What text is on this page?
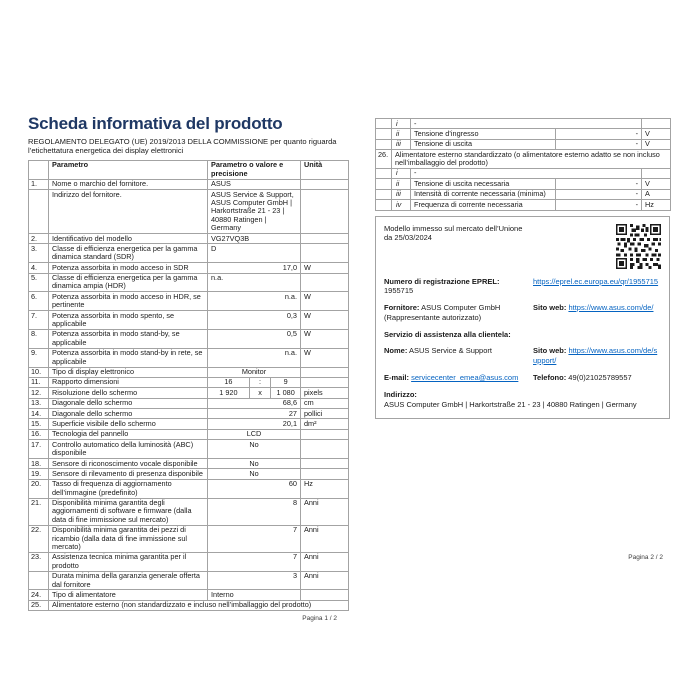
Scheda informativa del prodotto
REGOLAMENTO DELEGATO (UE) 2019/2013 DELLA COMMISSIONE per quanto riguarda l’etichettatura energetica dei display elettronici
	Parametro	Parametro o valore e precisione	Unità
1.	Nome o marchio del fornitore.	ASUS	
	Indirizzo del fornitore.	ASUS Service & Support, ASUS Computer GmbH | Harkortstraße 21 - 23 | 40880 Ratingen | Germany	
2.	Identificativo del modello	VG27VQ3B	
3.	Classe di efficienza energetica per la gamma dinamica standard (SDR)	D	
4.	Potenza assorbita in modo acceso in SDR	17,0	W
5.	Classe di efficienza energetica per la gamma dinamica ampia (HDR)	n.a.	
6.	Potenza assorbita in modo acceso in HDR, se pertinente	n.a.	W
7.	Potenza assorbita in modo spento, se applicabile	0,3	W
8.	Potenza assorbita in modo stand-by, se applicabile	0,5	W
9.	Potenza assorbita in modo stand-by in rete, se applicabile	n.a.	W
10.	Tipo di display elettronico	Monitor	
11.	Rapporto dimensioni	16 : 9	

12.	Risoluzione dello schermo	1 920 x 1 080	pixels
13.	Diagonale dello schermo	68,6	cm
14.	Diagonale dello schermo	27	pollici
15.	Superficie visibile dello schermo	20,1	dm²
16.	Tecnologia del pannello	LCD	
17.	Controllo automatico della luminosità (ABC) disponibile	No	
18.	Sensore di riconoscimento vocale disponibile	No	
19.	Sensore di rilevamento di presenza disponibile	No	
20.	Tasso di frequenza di aggiornamento dell’immagine (predefinito)	60	Hz
21.	Disponibilità minima garantita degli aggiornamenti di software e firmware (dalla data di fine immissione sul mercato)	8	Anni
22.	Disponibilità minima garantita dei pezzi di ricambio (dalla data di fine immissione sul mercato)	7	Anni
23.	Assistenza tecnica minima garantita per il prodotto	7	Anni
	Durata minima della garanzia generale offerta dal fornitore	3	Anni
24.	Tipo di alimentatore	Interno	
25.	Alimentatore esterno (non standardizzato e incluso nell’imballaggio del prodotto)		
Pagina 1 / 2
	i	-		
	ii	Tensione d’ingresso	-	V
	iii	Tensione di uscita	-	V
26.	Alimentatore esterno standardizzato (o alimentatore esterno adatto se non incluso nell’imballaggio del prodotto)			
	i	-		
	ii	Tensione di uscita necessaria	-	V
	iii	Intensità di corrente necessaria (minima)	-	A
	iv	Frequenza di corrente necessaria	-	Hz
Modello immesso sul mercato dell’Unione da 25/03/2024
Numero di registrazione EPREL: 1955715
https://eprel.ec.europa.eu/qr/1955715
Fornitore: ASUS Computer GmbH (Rappresentante autorizzato)
Sito web: https://www.asus.com/de/
Servizio di assistenza alla clientela:
Nome: ASUS Service & Support	Sito web: https://www.asus.com/de/support/
E-mail: servicecenter_emea@asus.com	Telefono: 49(0)21025789557
Indirizzo:
ASUS Computer GmbH | Harkortstraße 21 - 23 | 40880 Ratingen | Germany
Pagina 2 / 2
